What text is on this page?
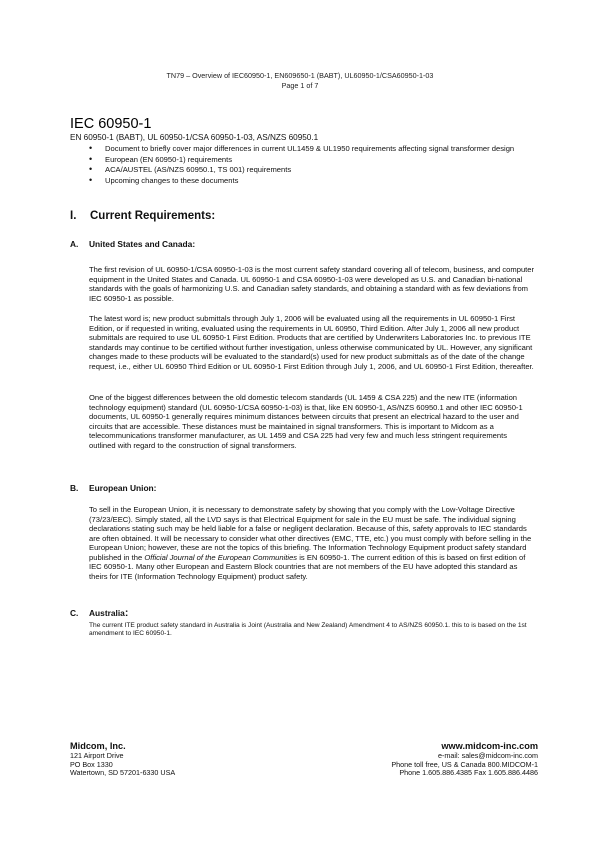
TN79 – Overview of IEC60950-1, EN609650-1 (BABT), UL60950-1/CSA60950-1-03
Page 1 of 7
IEC 60950-1
EN 60950-1 (BABT), UL 60950-1/CSA 60950-1-03, AS/NZS 60950.1
• Document to briefly cover major differences in current UL1459 & UL1950 requirements affecting signal transformer design
• European (EN 60950-1) requirements
• ACA/AUSTEL (AS/NZS 60950.1, TS 001) requirements
• Upcoming changes to these documents
I. Current Requirements:
A. United States and Canada:
The first revision of UL 60950-1/CSA 60950-1-03 is the most current safety standard covering all of telecom, business, and computer equipment in the United States and Canada. UL 60950-1 and CSA 60950-1-03 were developed as U.S. and Canadian bi-national standards with the goals of harmonizing U.S. and Canadian safety standards, and obtaining a standard with as few deviations from IEC 60950-1 as possible.
The latest word is; new product submittals through July 1, 2006 will be evaluated using all the requirements in UL 60950-1 First Edition, or if requested in writing, evaluated using the requirements in UL 60950, Third Edition. After July 1, 2006 all new product submittals are required to use UL 60950-1 First Edition. Products that are certified by Underwriters Laboratories Inc. to previous ITE standards may continue to be certified without further investigation, unless otherwise communicated by UL. However, any significant changes made to these products will be evaluated to the standard(s) used for new product submittals as of the date of the change request, i.e., either UL 60950 Third Edition or UL 60950-1 First Edition through July 1, 2006, and UL 60950-1 First Edition, thereafter.
One of the biggest differences between the old domestic telecom standards (UL 1459 & CSA 225) and the new ITE (information technology equipment) standard (UL 60950-1/CSA 60950-1-03) is that, like EN 60950-1, AS/NZS 60950.1 and other IEC 60950-1 documents, UL 60950-1 generally requires minimum distances between circuits that present an electrical hazard to the user and circuits that are accessible. These distances must be maintained in signal transformers. This is important to Midcom as a telecommunications transformer manufacturer, as UL 1459 and CSA 225 had very few and much less stringent requirements outlined with regard to the construction of signal transformers.
B. European Union:
To sell in the European Union, it is necessary to demonstrate safety by showing that you comply with the Low-Voltage Directive (73/23/EEC). Simply stated, all the LVD says is that Electrical Equipment for sale in the EU must be safe. The individual signing declarations stating such may be held liable for a false or negligent declaration. Because of this, safety approvals to IEC standards are often obtained. It will be necessary to consider what other directives (EMC, TTE, etc.) you must comply with before selling in the European Union; however, these are not the topics of this briefing. The Information Technology Equipment product safety standard published in the Official Journal of the European Communities is EN 60950-1. The current edition of this is based on first edition of IEC 60950-1. Many other European and Eastern Block countries that are not members of the EU have adopted this standard as theirs for ITE (Information Technology Equipment) product safety.
C. Australia:
The current ITE product safety standard in Australia is Joint (Australia and New Zealand) Amendment 4 to AS/NZS 60950.1. this to is based on the 1st amendment to IEC 60950-1.
Midcom, Inc.
121 Airport Drive
PO Box 1330
Watertown, SD 57201-6330 USA
www.midcom-inc.com
e-mail: sales@midcom-inc.com
Phone toll free, US & Canada 800.MIDCOM-1
Phone 1.605.886.4385 Fax 1.605.886.4486
